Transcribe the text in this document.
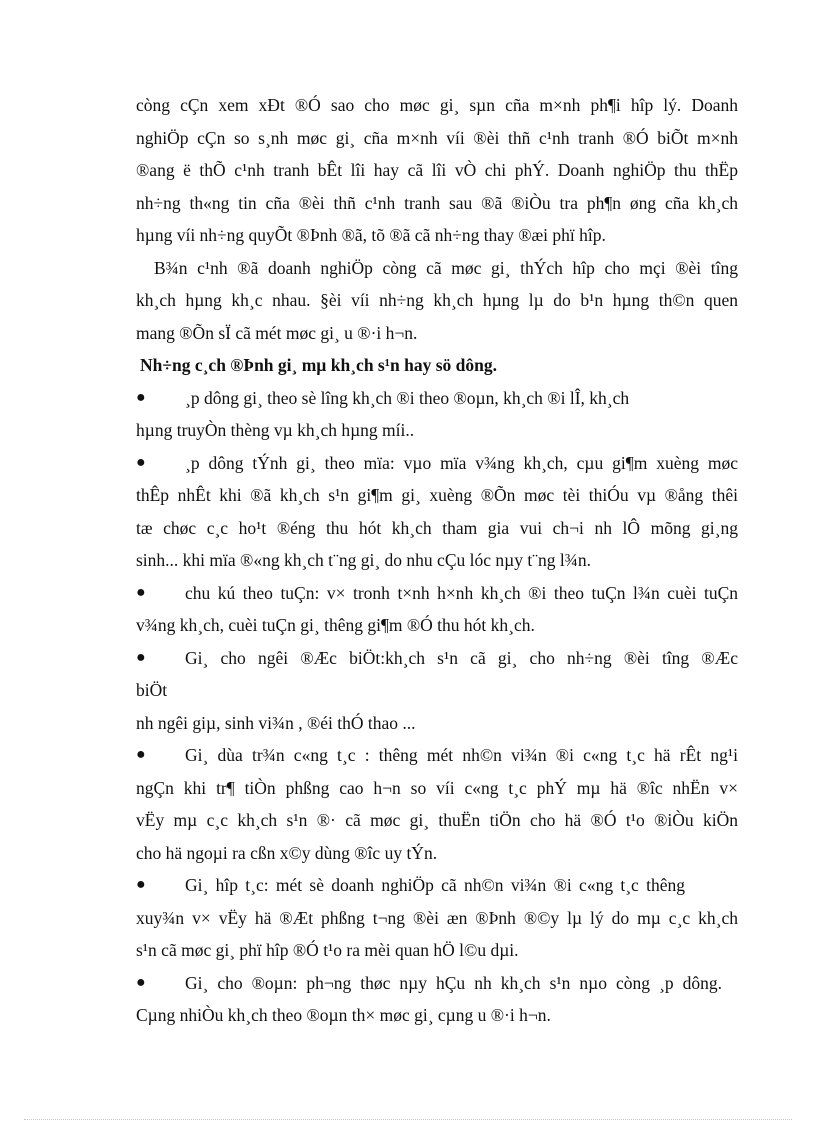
còng cÇn xem xÐt ®Ó sao cho møc gi¸ sµn cña m×nh ph¶i hîp lý. Doanh
nghiÖp cÇn so s¸nh møc gi¸ cña m×nh víi ®èi thñ c¹nh tranh ®Ó biÕt m×nh
®ang ë thÕ c¹nh tranh bÊt lîi hay cã lîi vÒ chi phÝ. Doanh nghiÖp thu thËp
nh÷ng th«ng tin cña ®èi thñ c¹nh tranh sau ®ã ®iÒu tra ph¶n øng cña kh¸ch
hµng víi nh÷ng quyÕt ®Þnh ®ã, tõ ®ã cã nh÷ng thay ®æi phï hîp.
B¾n c¹nh ®ã doanh nghiÖp còng cã møc gi¸ thÝch hîp cho mçi ®èi tîng
kh¸ch hµng kh¸c nhau. §èi víi nh÷ng kh¸ch hµng lµ do b¹n hµng th©n quen
mang ®Õn sÏ cã mét møc gi¸ u ®·i h¬n.
Nh÷ng c¸ch ®Þnh gi¸ mµ kh¸ch s¹n hay sö dông.
● ¸p dông gi¸ theo sè lîng kh¸ch ®i theo ®oµn, kh¸ch ®i lÎ, kh¸ch
hµng truyÒn thèng vµ kh¸ch hµng míi..
● ¸p dông tÝnh gi¸ theo mïa: vµo mïa v¾ng kh¸ch, cµu gi¶m xuèng møc
thÊp nhÊt khi ®ã kh¸ch s¹n gi¶m gi¸ xuèng ®Õn møc tèi thiÓu vµ ®ång thêi
tæ chøc c¸c ho¹t ®éng thu hót kh¸ch tham gia vui ch¬i nh lÔ mõng gi¸ng
sinh... khi mïa ®«ng kh¸ch t¨ng gi¸ do nhu cÇu lóc nµy t¨ng l¾n.
● chu kú theo tuÇn: v× tronh t×nh h×nh kh¸ch ®i theo tuÇn l¾n cuèi tuÇn
v¾ng kh¸ch, cuèi tuÇn gi¸ thêng gi¶m ®Ó thu hót kh¸ch.
● Gi¸ cho ngêi ®Æc biÖt:kh¸ch s¹n cã gi¸ cho nh÷ng ®èi tîng ®Æc
biÖt
nh ngêi giµ, sinh vi¾n , ®éi thÓ thao ...
● Gi¸ dùa tr¾n c«ng t¸c : thêng mét nh©n vi¾n ®i c«ng t¸c hä rÊt ng¹i
ngÇn khi tr¶ tiÒn phßng cao h¬n so víi c«ng t¸c phÝ mµ hä ®îc nhËn v×
vËy mµ c¸c kh¸ch s¹n ®· cã møc gi¸ thuËn tiÖn cho hä ®Ó t¹o ®iÒu kiÖn
cho hä ngoµi ra cßn x©y dùng ®îc uy tÝn.
● Gi¸ hîp t¸c: mét sè doanh nghiÖp cã nh©n vi¾n ®i c«ng t¸c thêng
xuy¾n v× vËy hä ®Æt phßng t¬ng ®èi æn ®Þnh ®©y lµ lý do mµ c¸c kh¸ch
s¹n cã møc gi¸ phï hîp ®Ó t¹o ra mèi quan hÖ l©u dµi.
● Gi¸ cho ®oµn: ph¬ng thøc nµy hÇu nh kh¸ch s¹n nµo còng ¸p dông.
Cµng nhiÒu kh¸ch theo ®oµn th× møc gi¸ cµng u ®·i h¬n.
